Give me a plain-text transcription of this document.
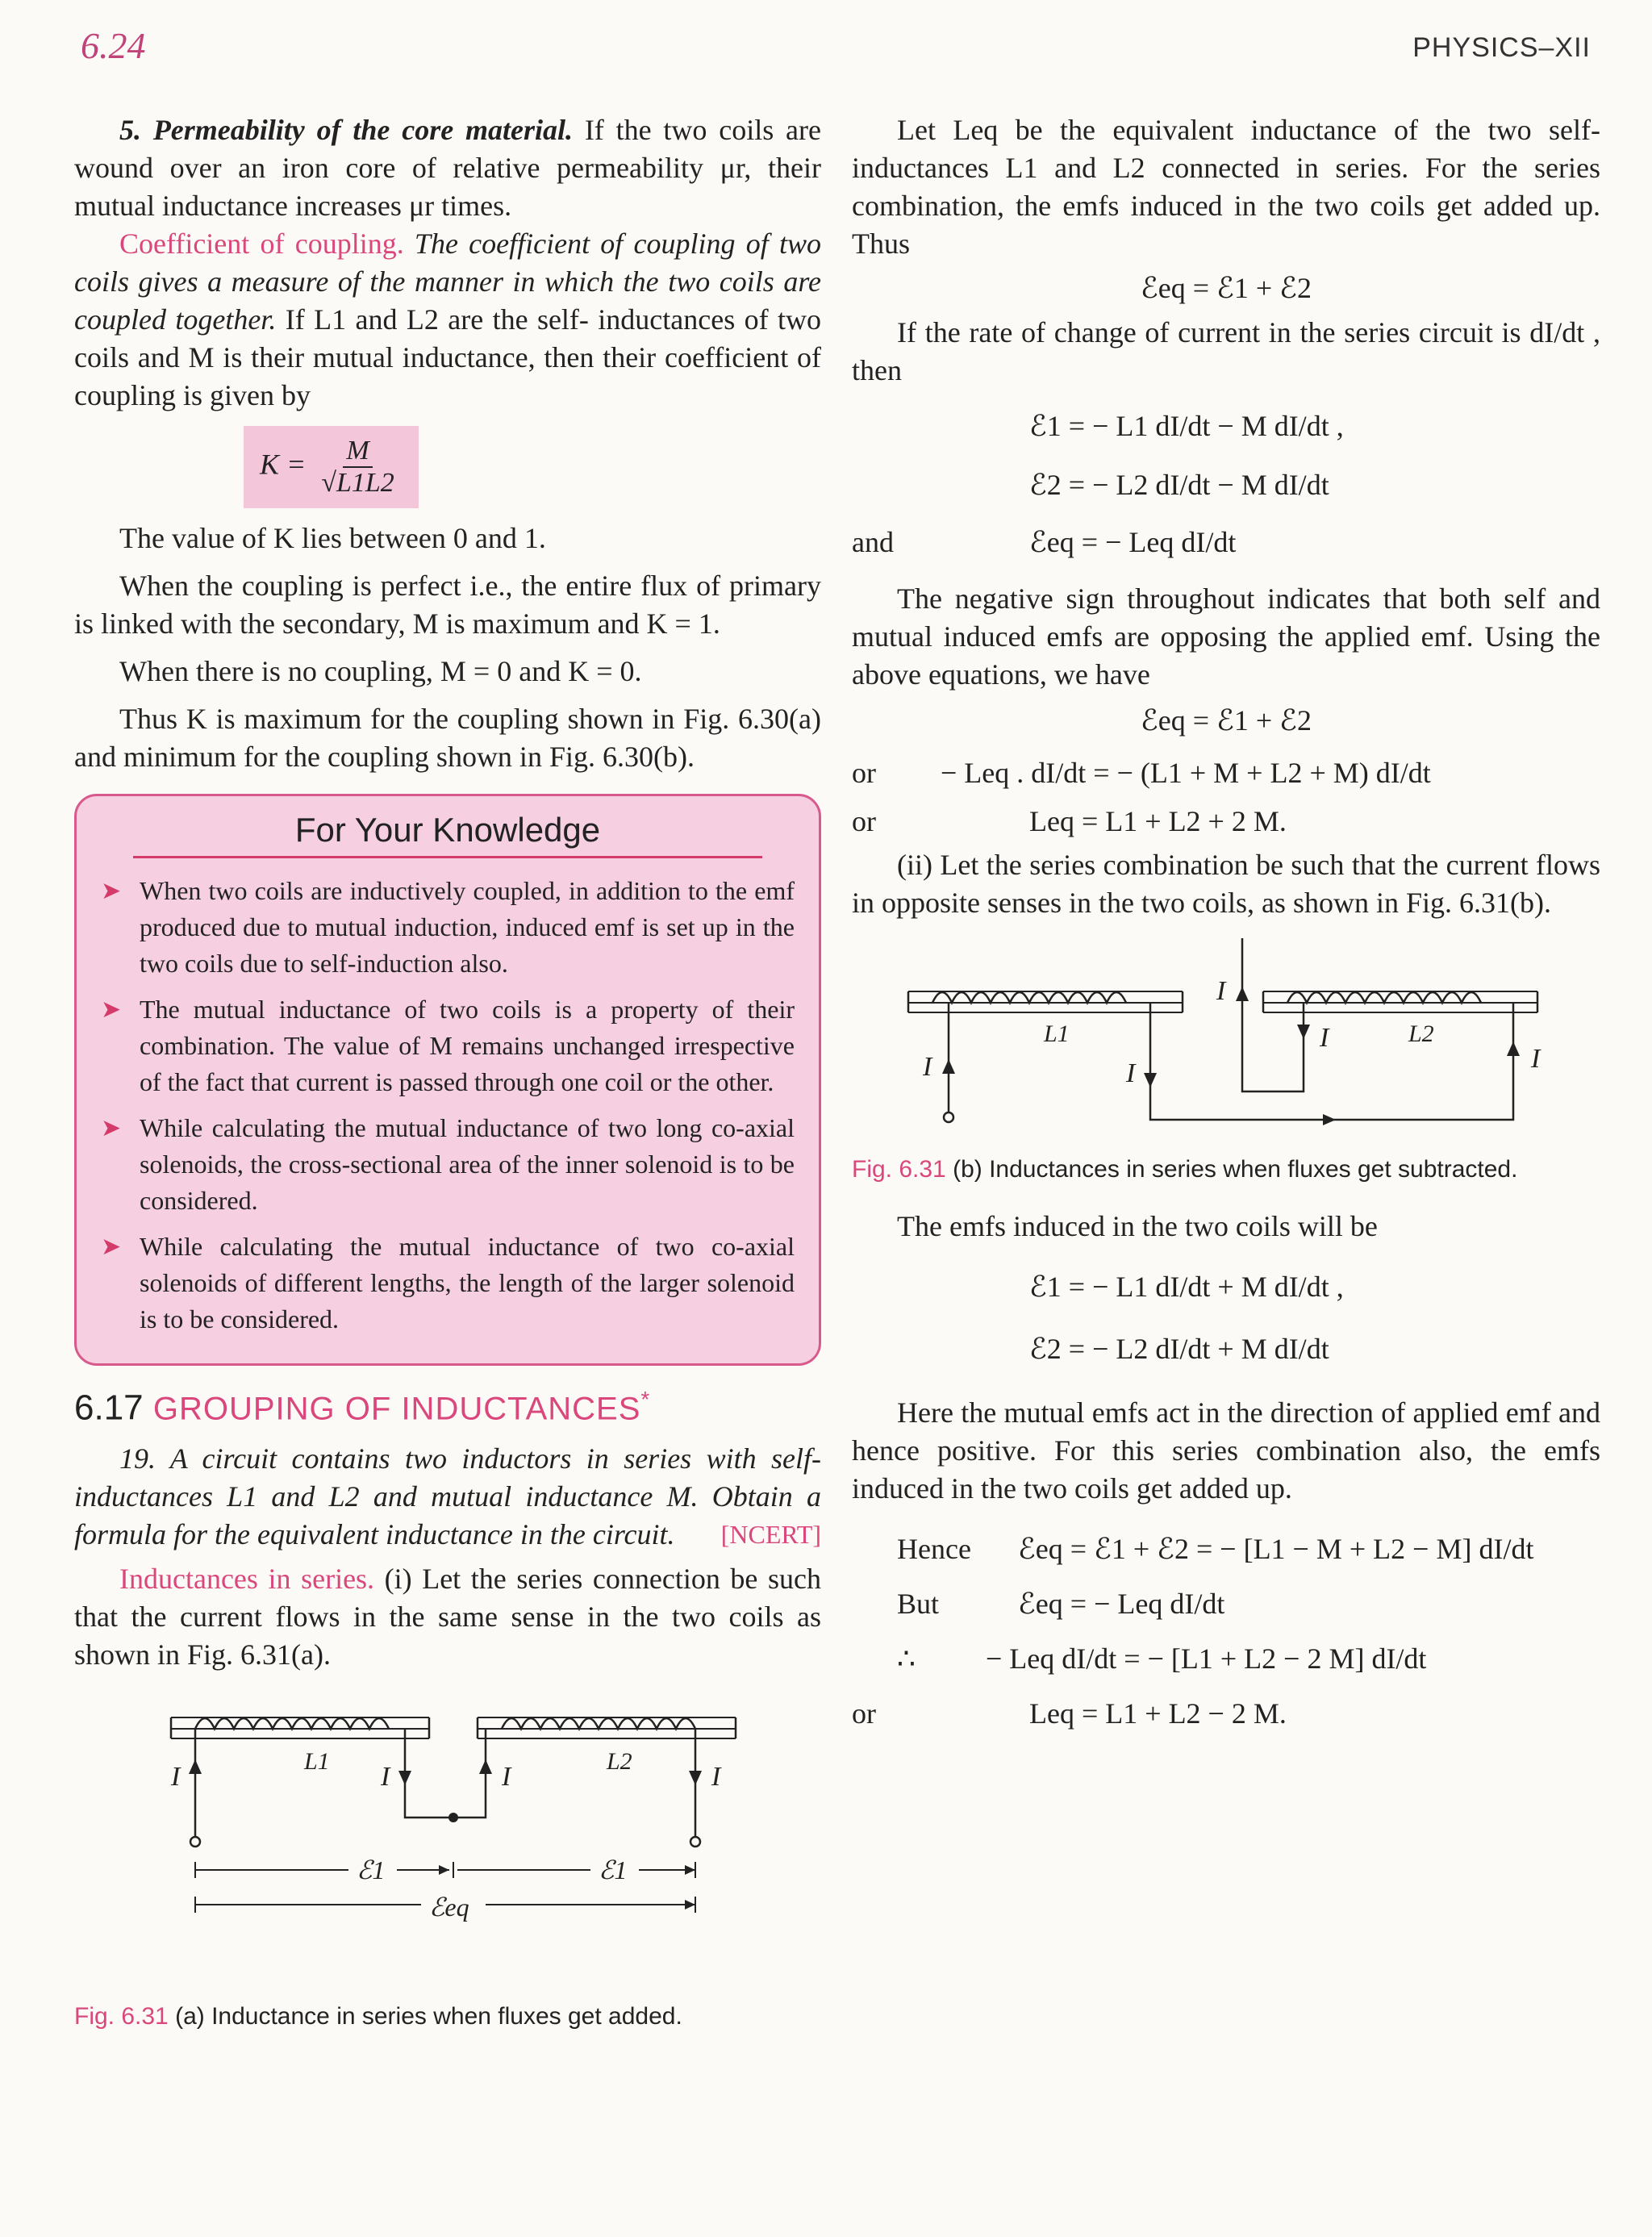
6.24	PHYSICS–XII

5. Permeability of the core material. If the two coils are wound over an iron core of relative permeability μr, their mutual inductance increases μr times.

Coefficient of coupling. The coefficient of coupling of two coils gives a measure of the manner in which the two coils are coupled together. If L1 and L2 are the self- inductances of two coils and M is their mutual inductance, then their coefficient of coupling is given by

$K = \frac{M}{√L1L2}$

The value of K lies between 0 and 1.

When the coupling is perfect i.e., the entire flux of primary is linked with the secondary, M is maximum and K = 1.

When there is no coupling, M = 0 and K = 0.

Thus K is maximum for the coupling shown in Fig. 6.30(a) and minimum for the coupling shown in Fig. 6.30(b).

For Your Knowledge
➤ When two coils are inductively coupled, in addition to the emf produced due to mutual induction, induced emf is set up in the two coils due to self-induction also.
➤ The mutual inductance of two coils is a property of their combination. The value of M remains unchanged irrespective of the fact that current is passed through one coil or the other.
➤ While calculating the mutual inductance of two long co-axial solenoids, the cross-sectional area of the inner solenoid is to be considered.
➤ While calculating the mutual inductance of two co-axial solenoids of different lengths, the length of the larger solenoid is to be considered.
6.17 GROUPING OF INDUCTANCES*

19. A circuit contains two inductors in series with self-inductances L1 and L2 and mutual inductance M. Obtain a formula for the equivalent inductance in the circuit.	[NCERT]

Inductances in series. (i) Let the series connection be such that the current flows in the same sense in the two coils as shown in Fig. 6.31(a).

I	I	I	I
L1	L2
ℰ1	ℰ1
ℰeq
Fig. 6.31 (a) Inductance in series when fluxes get added.

Let Leq be the equivalent inductance of the two self-inductances L1 and L2 connected in series. For the series combination, the emfs induced in the two coils get added up. Thus

ℰeq = ℰ1 + ℰ2

If the rate of change of current in the series circuit is dI/dt , then

ℰ1 = − L1 dI/dt − M dI/dt ,
ℰ2 = − L2 dI/dt − M dI/dt
and	ℰeq = − Leq dI/dt

The negative sign throughout indicates that both self and mutual induced emfs are opposing the applied emf. Using the above equations, we have

ℰeq = ℰ1 + ℰ2
or	− Leq . dI/dt = − (L1 + M + L2 + M) dI/dt
or	Leq = L1 + L2 + 2 M.

(ii) Let the series combination be such that the current flows in opposite senses in the two coils, as shown in Fig. 6.31(b).

I	I
I
I
I
L1	L2
Fig. 6.31 (b) Inductances in series when fluxes get subtracted.

The emfs induced in the two coils will be

ℰ1 = − L1 dI/dt + M dI/dt ,
ℰ2 = − L2 dI/dt + M dI/dt

Here the mutual emfs act in the direction of applied emf and hence positive. For this series combination also, the emfs induced in the two coils get added up.

Hence	ℰeq = ℰ1 + ℰ2 = − [L1 − M + L2 − M] dI/dt
But	ℰeq = − Leq dI/dt
∴	− Leq dI/dt = − [L1 + L2 − 2 M] dI/dt
or	Leq = L1 + L2 − 2 M.
